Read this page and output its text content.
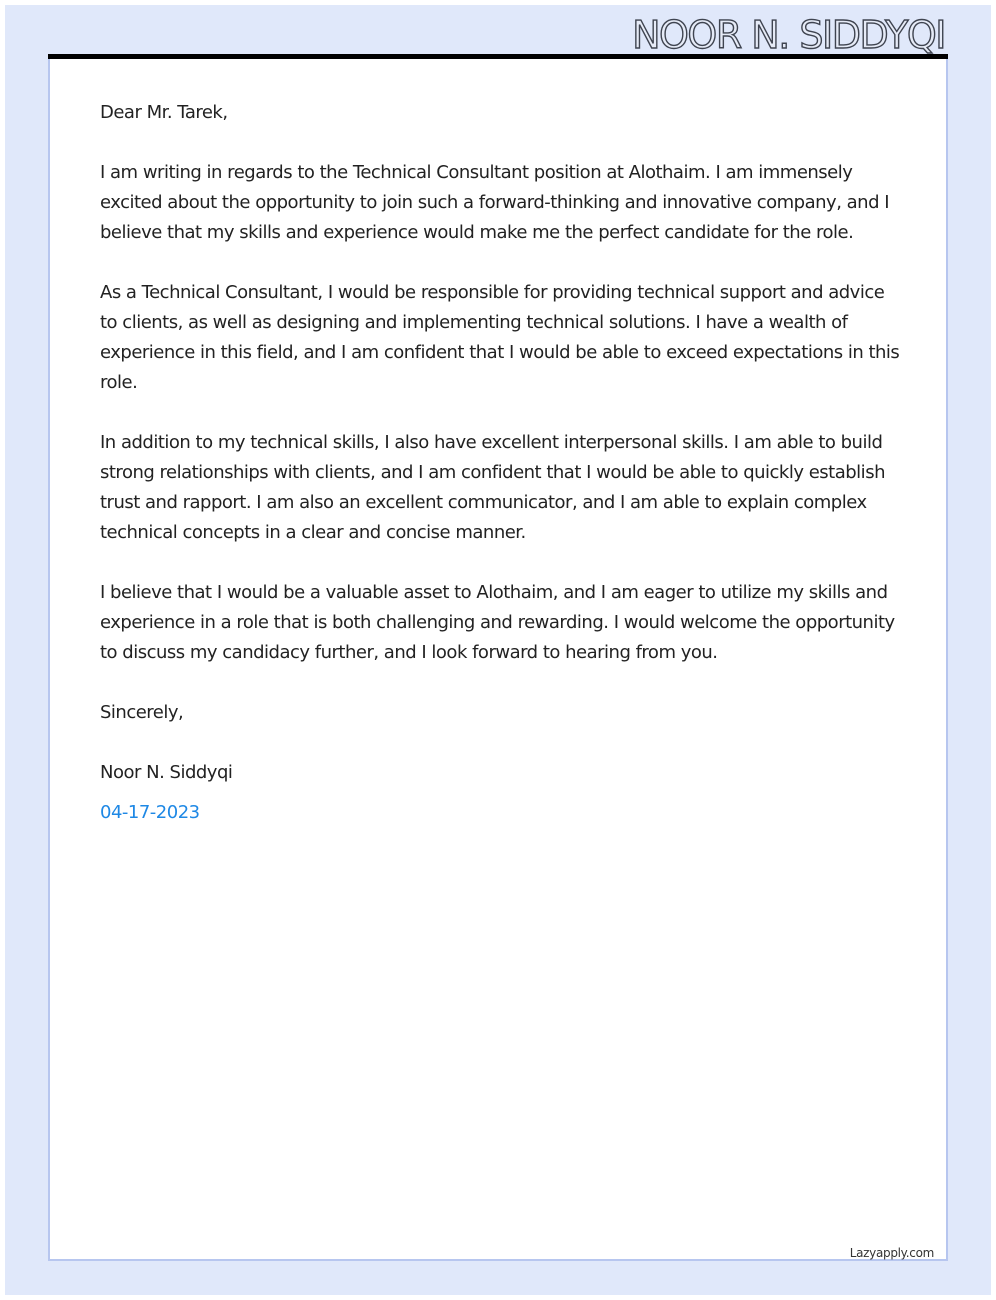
NOOR N. SIDDYQI

Dear Mr. Tarek,

I am writing in regards to the Technical Consultant position at Alothaim. I am immensely excited about the opportunity to join such a forward-thinking and innovative company, and I believe that my skills and experience would make me the perfect candidate for the role.

As a Technical Consultant, I would be responsible for providing technical support and advice to clients, as well as designing and implementing technical solutions. I have a wealth of experience in this field, and I am confident that I would be able to exceed expectations in this role.

In addition to my technical skills, I also have excellent interpersonal skills. I am able to build strong relationships with clients, and I am confident that I would be able to quickly establish trust and rapport. I am also an excellent communicator, and I am able to explain complex technical concepts in a clear and concise manner.

I believe that I would be a valuable asset to Alothaim, and I am eager to utilize my skills and experience in a role that is both challenging and rewarding. I would welcome the opportunity to discuss my candidacy further, and I look forward to hearing from you.

Sincerely,

Noor N. Siddyqi

04-17-2023

Lazyapply.com
